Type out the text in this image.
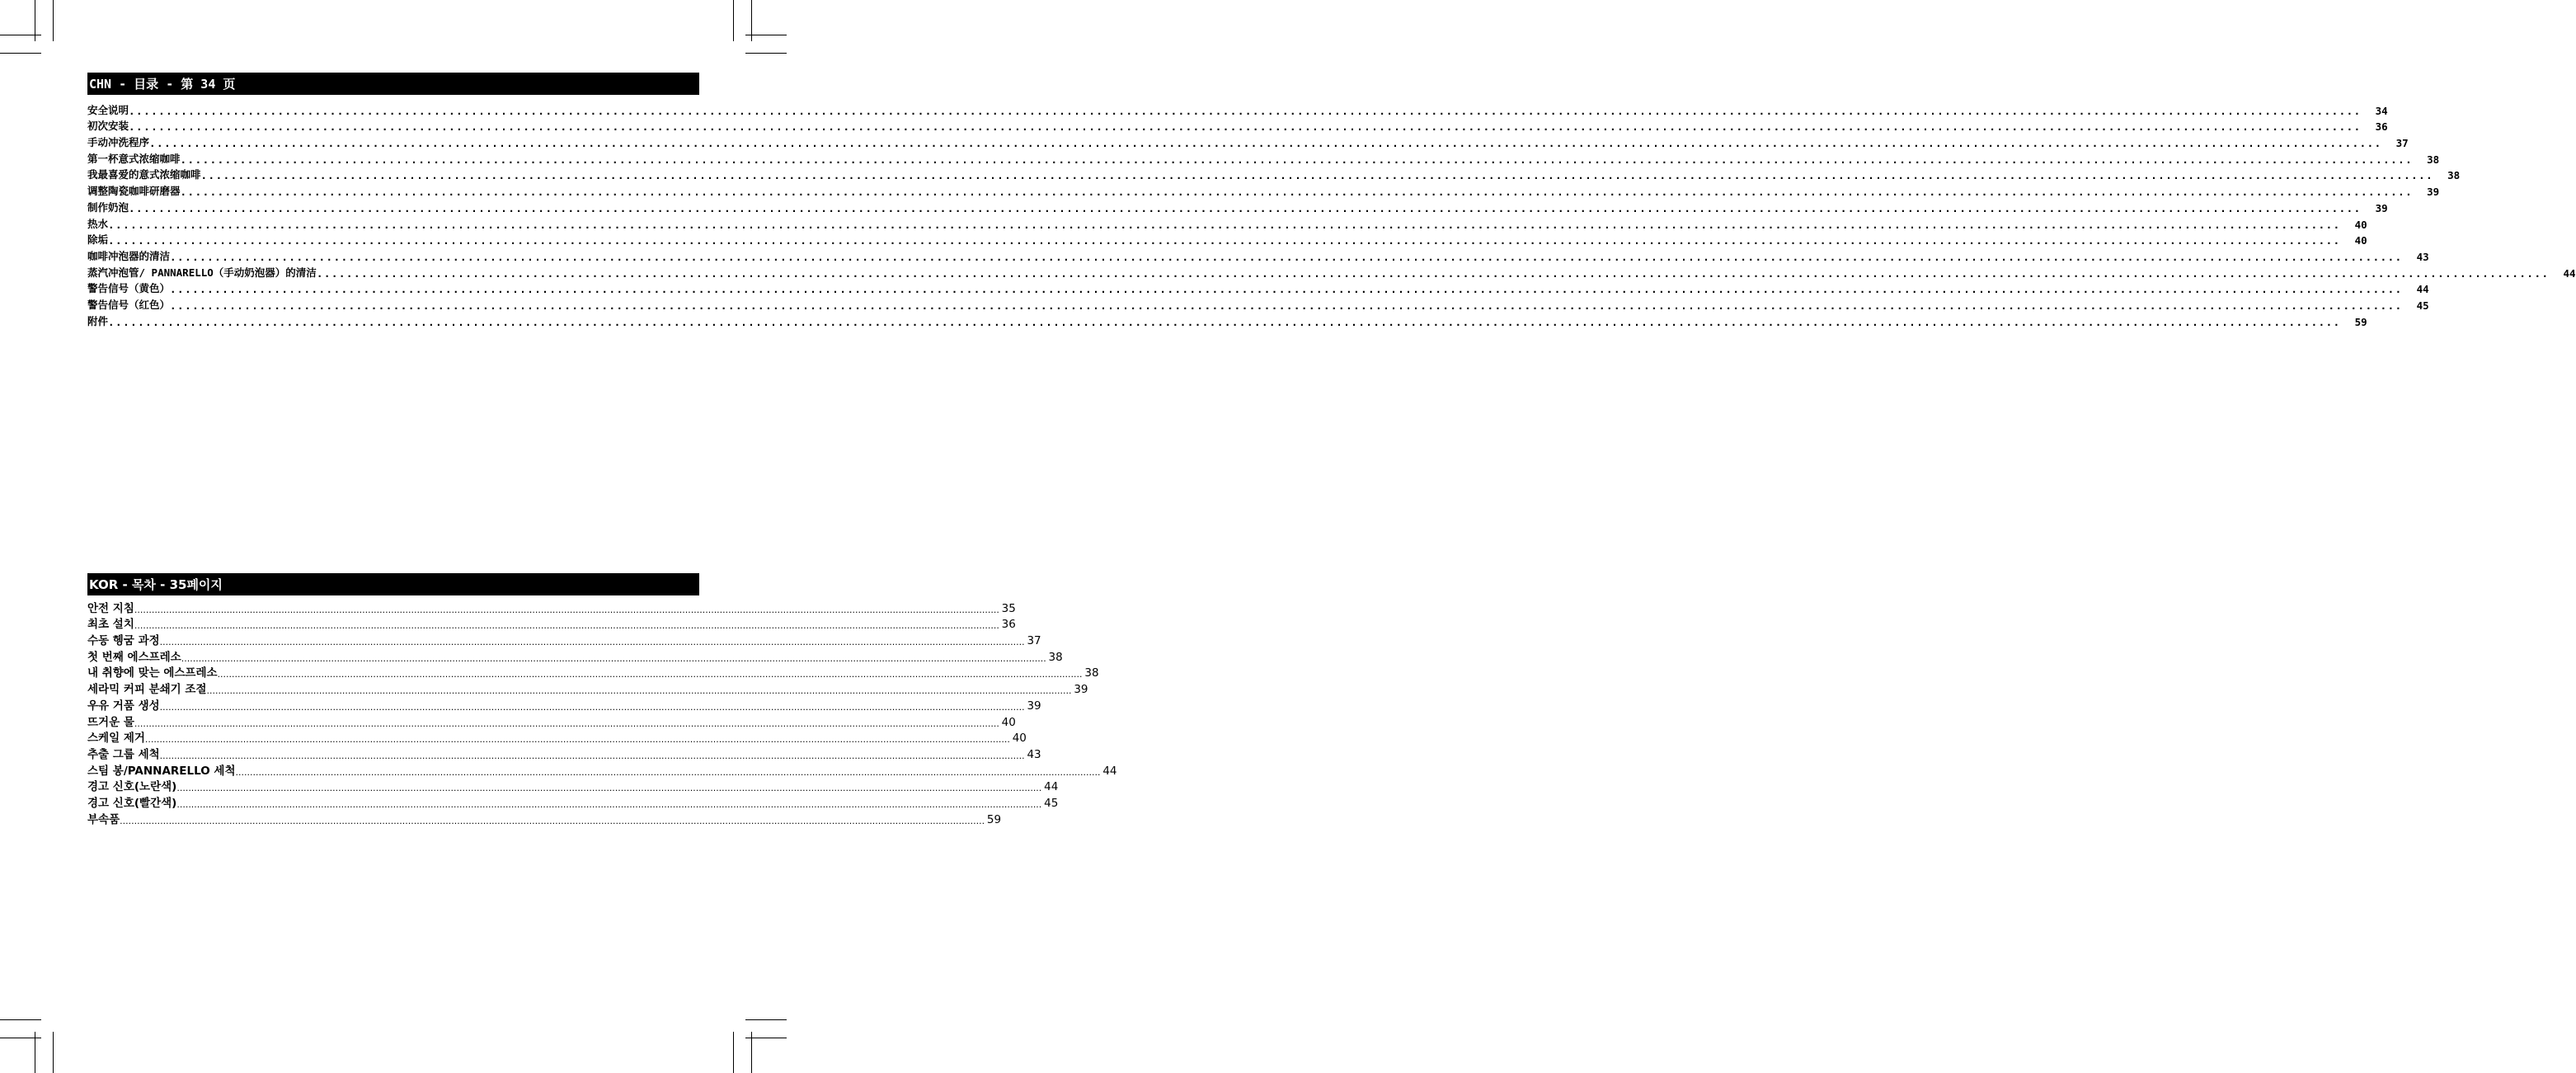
CHN - 目录 - 第 34 页
安全说明 ............................................................................................................................................................................................................................................................................................................	34
初次安装 ............................................................................................................................................................................................................................................................................................................	36
手动冲洗程序 ............................................................................................................................................................................................................................................................................................................	37
第一杯意式浓缩咖啡 ............................................................................................................................................................................................................................................................................................................	38
我最喜爱的意式浓缩咖啡 ............................................................................................................................................................................................................................................................................................................	38
调整陶瓷咖啡研磨器 ............................................................................................................................................................................................................................................................................................................	39
制作奶泡 ............................................................................................................................................................................................................................................................................................................	39
热水 ............................................................................................................................................................................................................................................................................................................	40
除垢 ............................................................................................................................................................................................................................................................................................................	40
咖啡冲泡器的清洁 ............................................................................................................................................................................................................................................................................................................	43
蒸汽冲泡管/ PANNARELLO（手动奶泡器）的清洁 ............................................................................................................................................................................................................................................................................................................	44
警告信号（黄色） ............................................................................................................................................................................................................................................................................................................	44
警告信号（红色） ............................................................................................................................................................................................................................................................................................................	45
附件 ............................................................................................................................................................................................................................................................................................................	59
KOR - 목차 - 35페이지
안전 지침 ............................................................................................................................................................................................................................................................................................................ 35
최초 설치 ............................................................................................................................................................................................................................................................................................................ 36
수동 헹굼 과정 ............................................................................................................................................................................................................................................................................................................ 37
첫 번째 에스프레소 ............................................................................................................................................................................................................................................................................................................ 38
내 취향에 맞는 에스프레소 ............................................................................................................................................................................................................................................................................................................ 38
세라믹 커피 분쇄기 조절 ............................................................................................................................................................................................................................................................................................................ 39
우유 거품 생성 ............................................................................................................................................................................................................................................................................................................ 39
뜨거운 물 ............................................................................................................................................................................................................................................................................................................ 40
스케일 제거 ............................................................................................................................................................................................................................................................................................................ 40
추출 그룹 세척 ............................................................................................................................................................................................................................................................................................................ 43
스팀 봉/PANNARELLO 세척 ............................................................................................................................................................................................................................................................................................................ 44
경고 신호(노란색) ............................................................................................................................................................................................................................................................................................................ 44
경고 신호(빨간색) ............................................................................................................................................................................................................................................................................................................ 45
부속품 ............................................................................................................................................................................................................................................................................................................ 59
